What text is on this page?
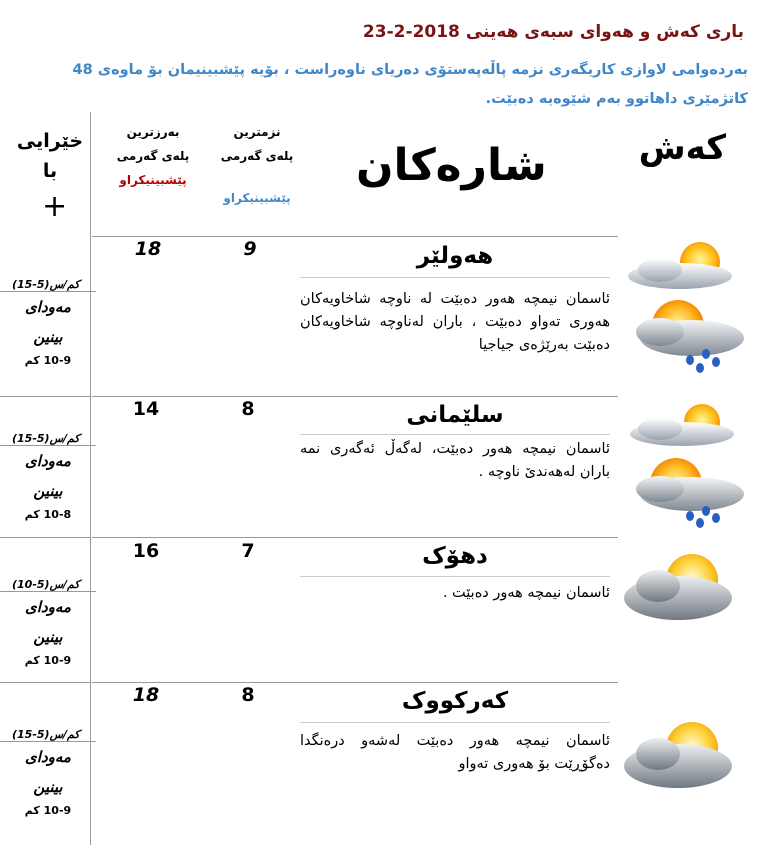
باری کەش و هەوای سبەی هەینی 2018-2-23
بەردەوامی لاوازی کاریگەری نزمە پاڵەپەستۆی دەریای ناوەراست ، بۆیە پێشبینیمان بۆ ماوەی 48 کاتژمێری داهاتوو بەم شێوەیە دەبێت.
کەش
شارەکان
نزمترین
پلەی گەرمی
پێشبینیکراو
بەرزترین
پلەی گەرمی
پێشبینیکراو
خێرایی
با
+
هەولێر
ئاسمان نیمچە هەور دەبێت لە ناوچە شاخاویەکان هەوری تەواو دەبێت ، باران لەناوچە شاخاویەکان دەبێت بەرێژەی جیاجیا
9
18
(15-5)کم/س
مەودای
بینین
10-9 کم
سلێمانی
ئاسمان نیمچە هەور دەبێت، لەگەڵ ئەگەری نمە باران لەهەندێ ناوچە .
8
14
(15-5)کم/س
مەودای
بینین
10-8 کم
دهۆک
ئاسمان نیمچە هەور دەبێت .
7
16
(10-5)کم/س
مەودای
بینین
10-9 کم
کەرکووک
ئاسمان نیمچە هەور دەبێت لەشەو درەنگدا دەگۆڕێت بۆ هەوری تەواو
8
18
(15-5)کم/س
مەودای
بینین
10-9 کم
